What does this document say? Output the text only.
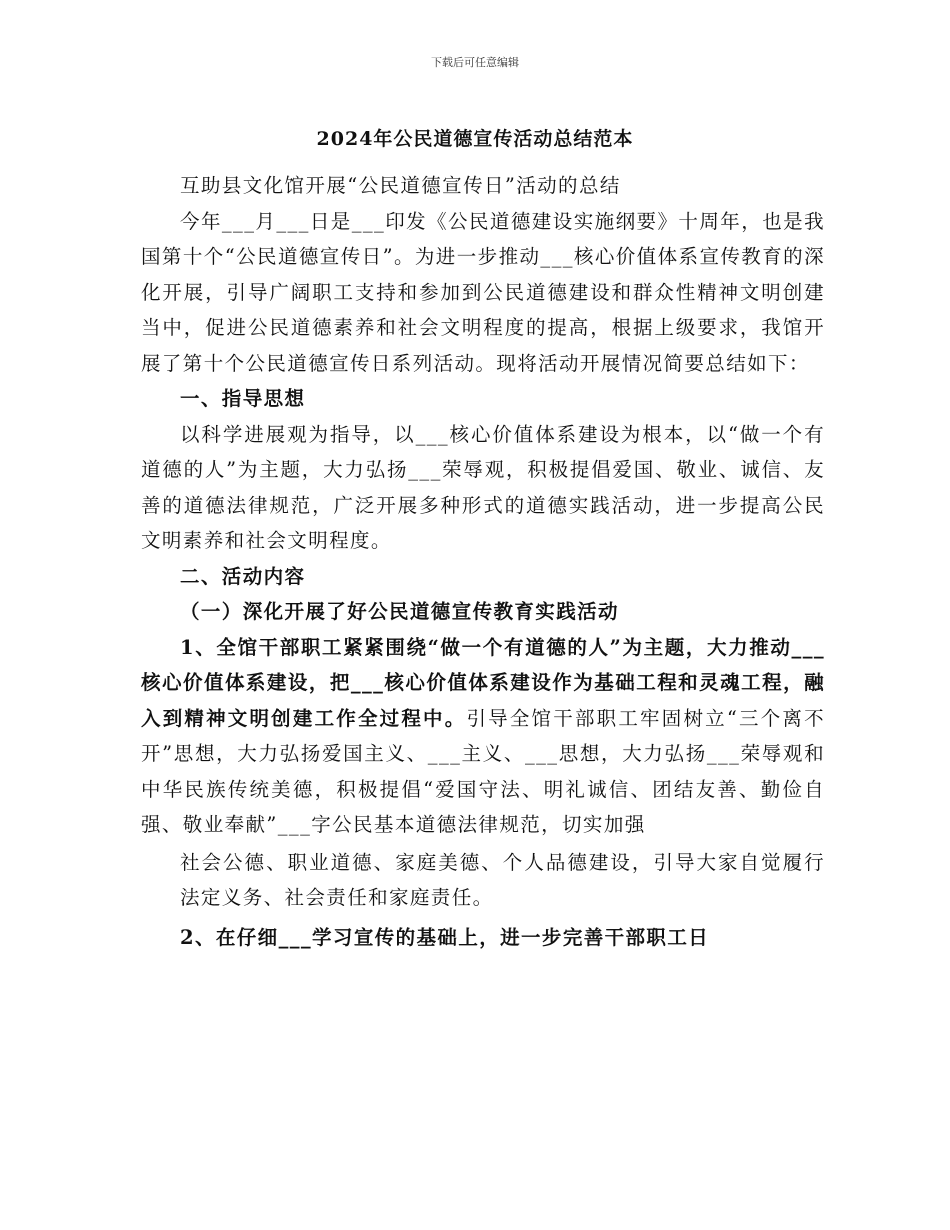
下载后可任意编辑
2024年公民道德宣传活动总结范本

互助县文化馆开展“公民道德宣传日”活动的总结

今年___月___日是___印发《公民道德建设实施纲要》十周年，也是我国第十个“公民道德宣传日”。为进一步推动___核心价值体系宣传教育的深化开展，引导广阔职工支持和参加到公民道德建设和群众性精神文明创建当中，促进公民道德素养和社会文明程度的提高，根据上级要求，我馆开展了第十个公民道德宣传日系列活动。现将活动开展情况简要总结如下：

一、指导思想

以科学进展观为指导，以___核心价值体系建设为根本，以“做一个有道德的人”为主题，大力弘扬___荣辱观，积极提倡爱国、敬业、诚信、友善的道德法律规范，广泛开展多种形式的道德实践活动，进一步提高公民文明素养和社会文明程度。

二、活动内容

（一）深化开展了好公民道德宣传教育实践活动

1、全馆干部职工紧紧围绕“做一个有道德的人”为主题，大力推动___核心价值体系建设，把___核心价值体系建设作为基础工程和灵魂工程，融入到精神文明创建工作全过程中。引导全馆干部职工牢固树立“三个离不开”思想，大力弘扬爱国主义、___主义、___思想，大力弘扬___荣辱观和中华民族传统美德，积极提倡“爱国守法、明礼诚信、团结友善、勤俭自强、敬业奉献”___字公民基本道德法律规范，切实加强

社会公德、职业道德、家庭美德、个人品德建设，引导大家自觉履行法定义务、社会责任和家庭责任。

2、在仔细___学习宣传的基础上，进一步完善干部职工日
